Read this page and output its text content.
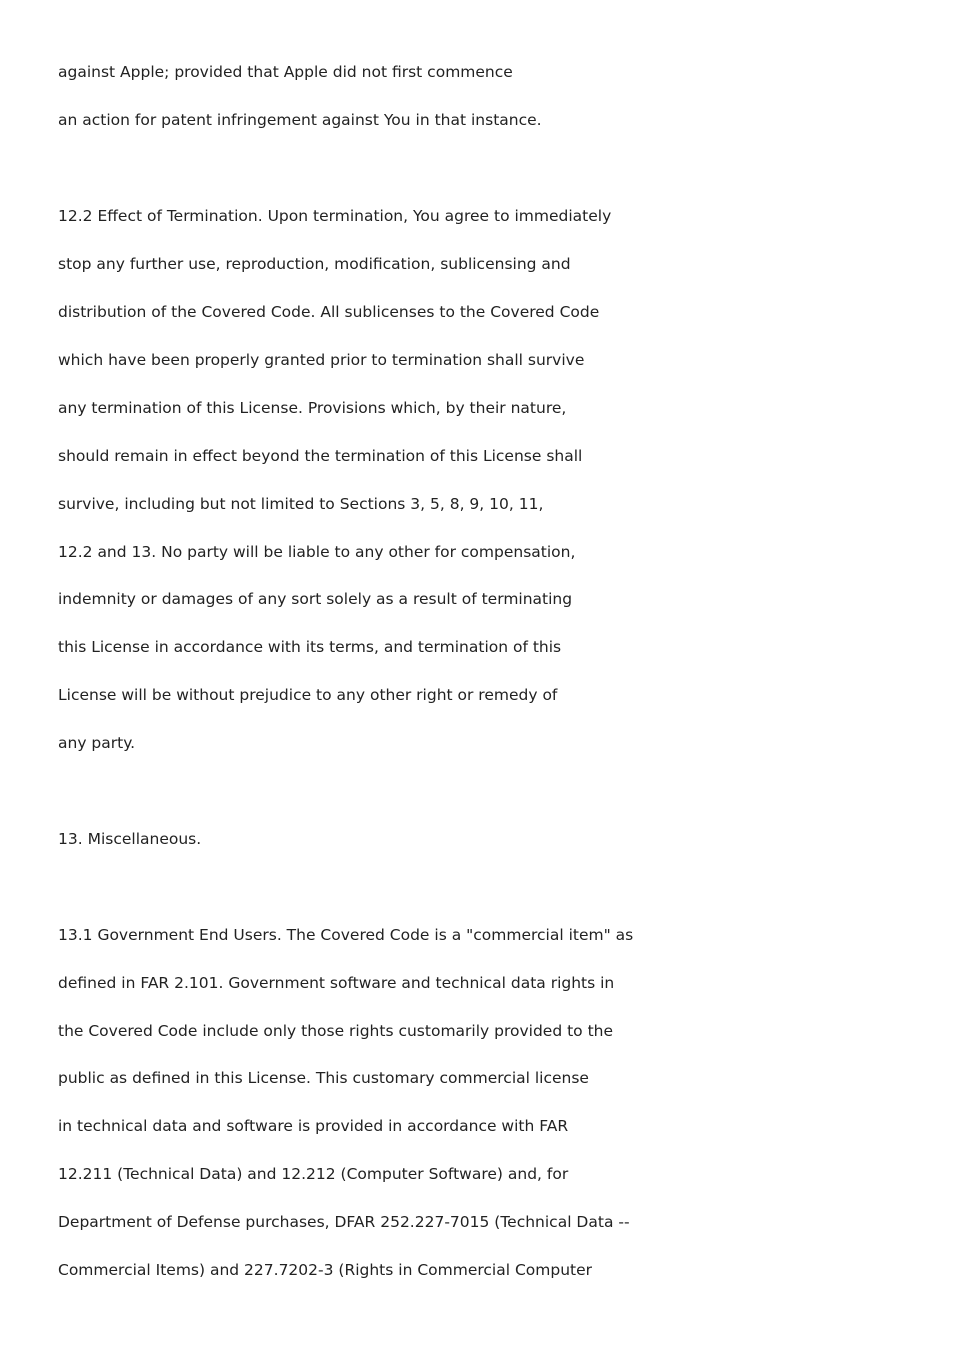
against Apple; provided that Apple did not first commence

an action for patent infringement against You in that instance.

12.2 Effect of Termination. Upon termination, You agree to immediately

stop any further use, reproduction, modification, sublicensing and

distribution of the Covered Code. All sublicenses to the Covered Code

which have been properly granted prior to termination shall survive

any termination of this License. Provisions which, by their nature,

should remain in effect beyond the termination of this License shall

survive, including but not limited to Sections 3, 5, 8, 9, 10, 11,

12.2 and 13. No party will be liable to any other for compensation,

indemnity or damages of any sort solely as a result of terminating

this License in accordance with its terms, and termination of this

License will be without prejudice to any other right or remedy of

any party.

13. Miscellaneous.

13.1 Government End Users. The Covered Code is a "commercial item" as

defined in FAR 2.101. Government software and technical data rights in

the Covered Code include only those rights customarily provided to the

public as defined in this License. This customary commercial license

in technical data and software is provided in accordance with FAR

12.211 (Technical Data) and 12.212 (Computer Software) and, for

Department of Defense purchases, DFAR 252.227-7015 (Technical Data --

Commercial Items) and 227.7202-3 (Rights in Commercial Computer
